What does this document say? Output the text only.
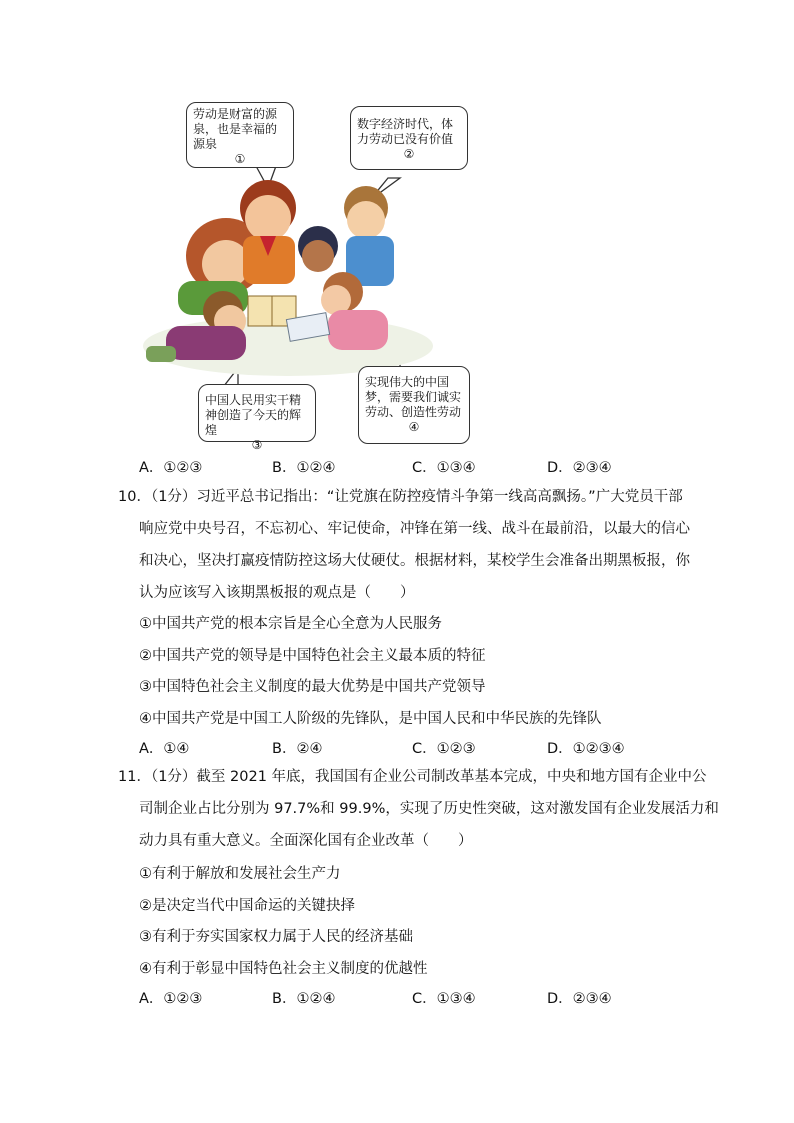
劳动是财富的源泉，也是幸福的源泉
①
数字经济时代，体力劳动已没有价值
②
中国人民用实干精神创造了今天的辉煌
③
实现伟大的中国梦，需要我们诚实劳动、创造性劳动
④
A．①②③	B．①②④	C．①③④	D．②③④
10．（1分）习近平总书记指出：“让党旗在防控疫情斗争第一线高高飘扬。”广大党员干部
响应党中央号召，不忘初心、牢记使命，冲锋在第一线、战斗在最前沿，以最大的信心
和决心，坚决打赢疫情防控这场大仗硬仗。根据材料，某校学生会准备出期黑板报，你
认为应该写入该期黑板报的观点是（　　）
①中国共产党的根本宗旨是全心全意为人民服务
②中国共产党的领导是中国特色社会主义最本质的特征
③中国特色社会主义制度的最大优势是中国共产党领导
④中国共产党是中国工人阶级的先锋队，是中国人民和中华民族的先锋队
A．①④	B．②④	C．①②③	D．①②③④
11．（1分）截至 2021 年底，我国国有企业公司制改革基本完成，中央和地方国有企业中公
司制企业占比分别为 97.7%和 99.9%，实现了历史性突破，这对激发国有企业发展活力和
动力具有重大意义。全面深化国有企业改革（　　）
①有利于解放和发展社会生产力
②是决定当代中国命运的关键抉择
③有利于夯实国家权力属于人民的经济基础
④有利于彰显中国特色社会主义制度的优越性
A．①②③	B．①②④	C．①③④	D．②③④
